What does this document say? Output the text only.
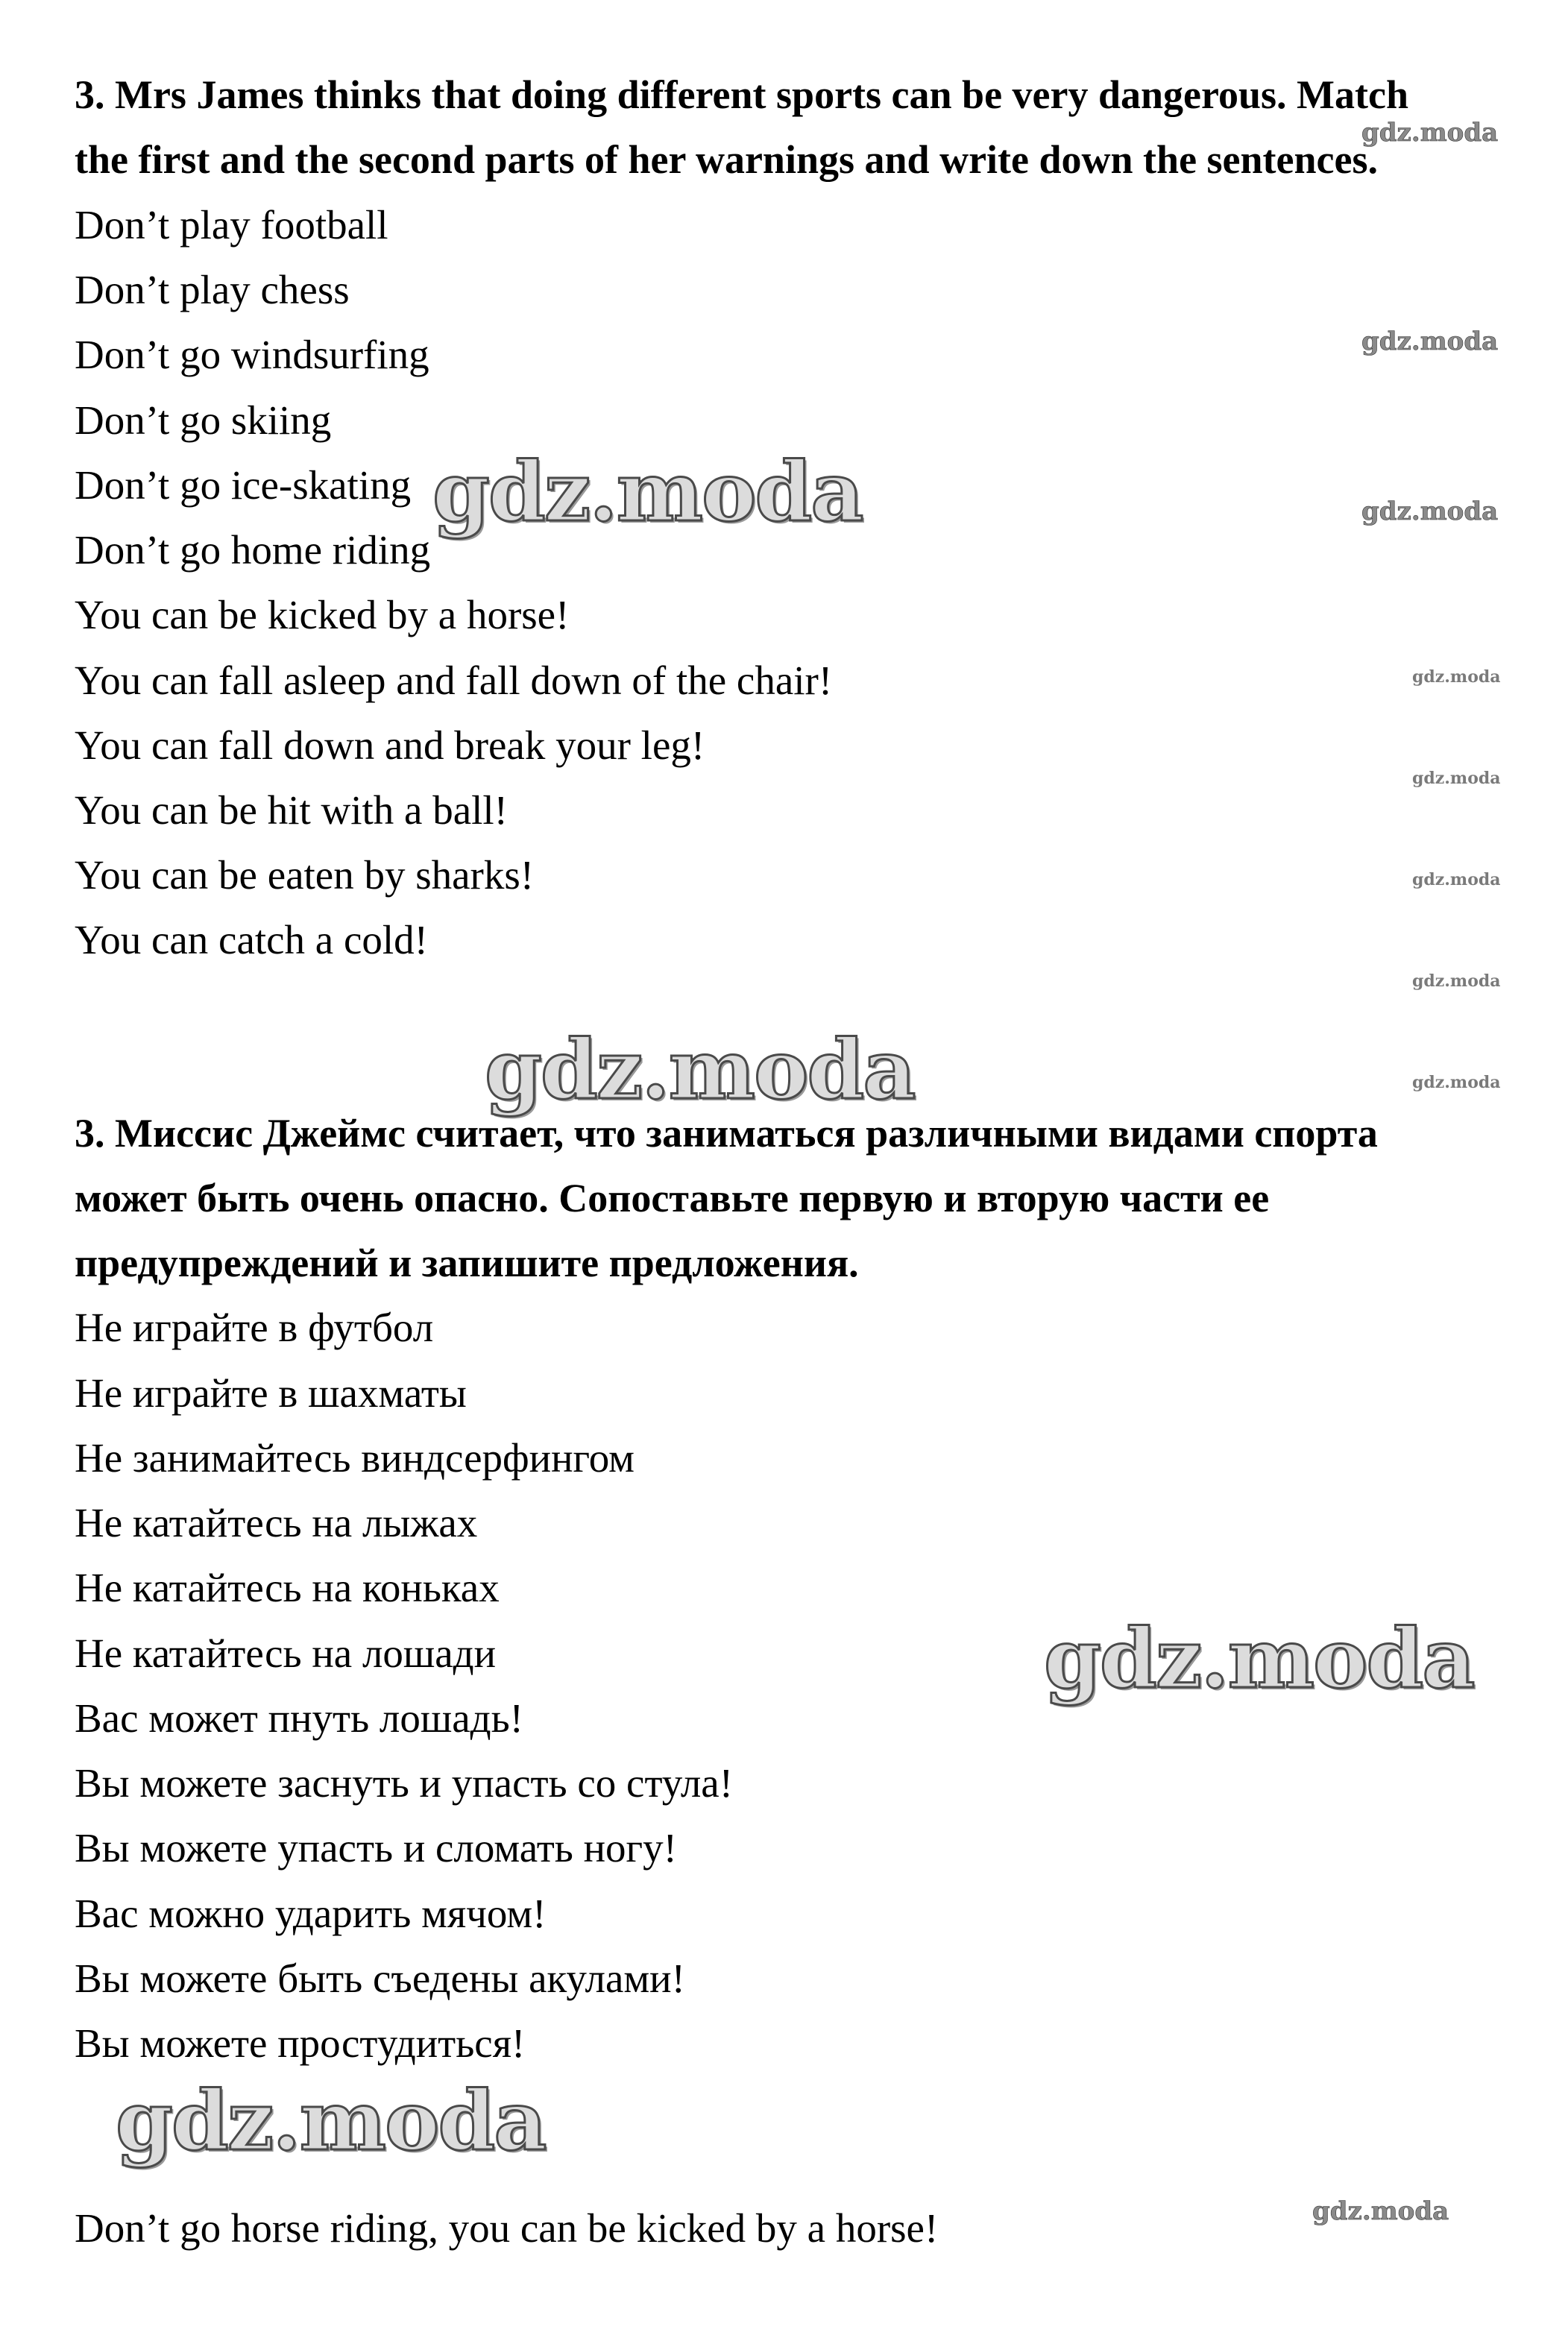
3. Mrs James thinks that doing different sports can be very dangerous. Match
the first and the second parts of her warnings and write down the sentences.
Don’t play football
Don’t play chess
Don’t go windsurfing
Don’t go skiing
Don’t go ice-skating
Don’t go home riding
You can be kicked by a horse!
You can fall asleep and fall down of the chair!
You can fall down and break your leg!
You can be hit with a ball!
You can be eaten by sharks!
You can catch a cold!
3. Миссис Джеймс считает, что заниматься различными видами спорта
может быть очень опасно. Сопоставьте первую и вторую части ее
предупреждений и запишите предложения.
Не играйте в футбол
Не играйте в шахматы
Не занимайтесь виндсерфингом
Не катайтесь на лыжах
Не катайтесь на коньках
Не катайтесь на лошади
Вас может пнуть лошадь!
Вы можете заснуть и упасть со стула!
Вы можете упасть и сломать ногу!
Вас можно ударить мячом!
Вы можете быть съедены акулами!
Вы можете простудиться!
Don’t go horse riding, you can be kicked by a horse!
gdz.moda
gdz.moda
gdz.moda
gdz.moda
gdz.moda
gdz.moda
gdz.moda
gdz.moda
gdz.moda
gdz.moda
gdz.moda
gdz.moda
gdz.moda
